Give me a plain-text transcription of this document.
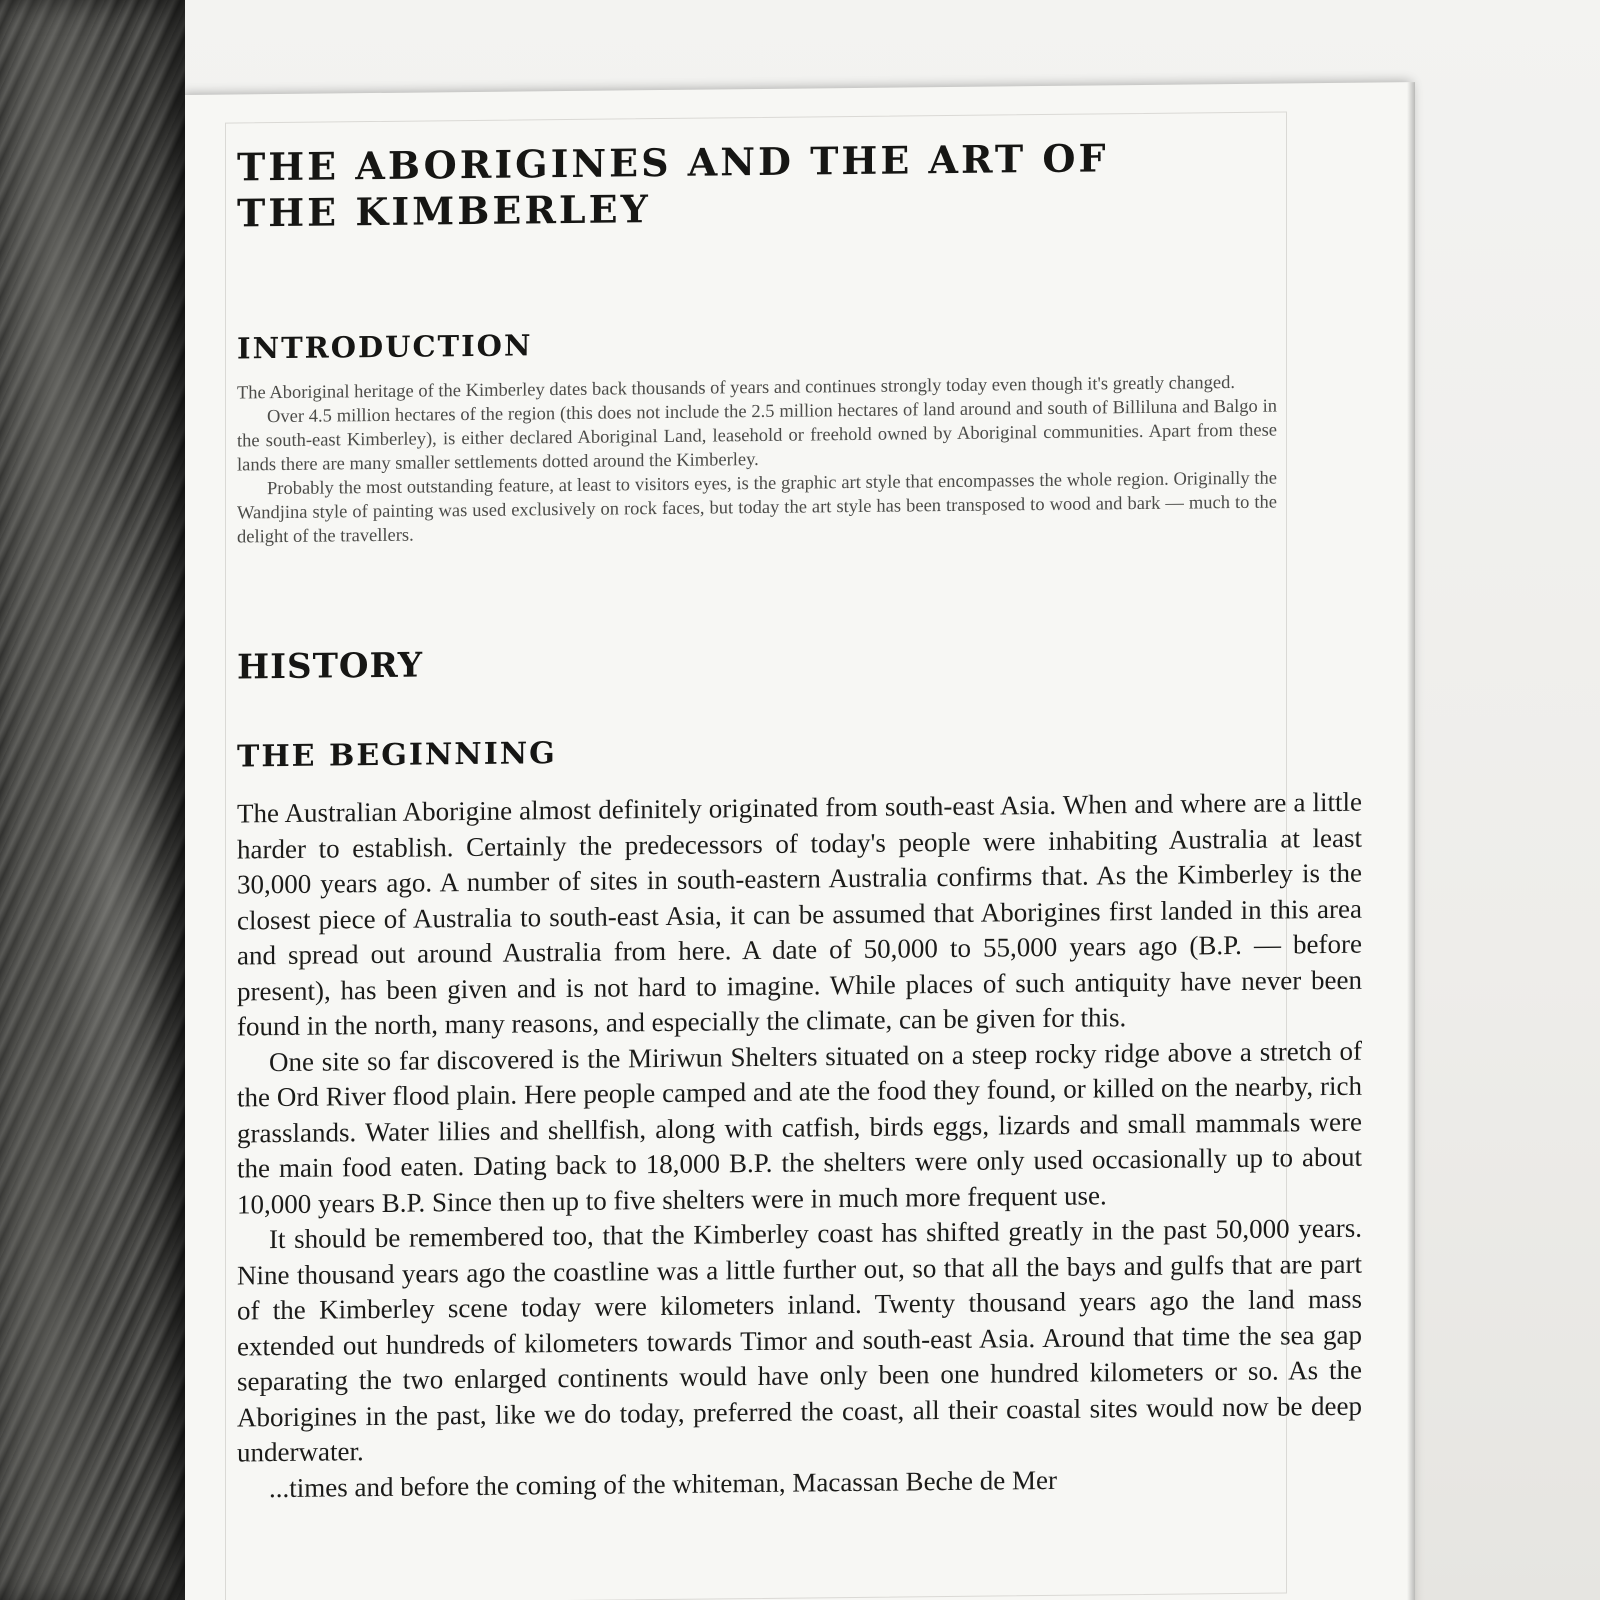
THE ABORIGINES AND THE ART OF THE KIMBERLEY
INTRODUCTION

The Aboriginal heritage of the Kimberley dates back thousands of years and continues strongly today even though it's greatly changed.

Over 4.5 million hectares of the region (this does not include the 2.5 million hectares of land around and south of Billiluna and Balgo in the south-east Kimberley), is either declared Aboriginal Land, leasehold or freehold owned by Aboriginal communities. Apart from these lands there are many smaller settlements dotted around the Kimberley.

Probably the most outstanding feature, at least to visitors eyes, is the graphic art style that encompasses the whole region. Originally the Wandjina style of painting was used exclusively on rock faces, but today the art style has been transposed to wood and bark — much to the delight of the travellers.

HISTORY
THE BEGINNING

The Australian Aborigine almost definitely originated from south-east Asia. When and where are a little harder to establish. Certainly the predecessors of today's people were inhabiting Australia at least 30,000 years ago. A number of sites in south-eastern Australia confirms that. As the Kimberley is the closest piece of Australia to south-east Asia, it can be assumed that Aborigines first landed in this area and spread out around Australia from here. A date of 50,000 to 55,000 years ago (B.P. — before present), has been given and is not hard to imagine. While places of such antiquity have never been found in the north, many reasons, and especially the climate, can be given for this.

One site so far discovered is the Miriwun Shelters situated on a steep rocky ridge above a stretch of the Ord River flood plain. Here people camped and ate the food they found, or killed on the nearby, rich grasslands. Water lilies and shellfish, along with catfish, birds eggs, lizards and small mammals were the main food eaten. Dating back to 18,000 B.P. the shelters were only used occasionally up to about 10,000 years B.P. Since then up to five shelters were in much more frequent use.

It should be remembered too, that the Kimberley coast has shifted greatly in the past 50,000 years. Nine thousand years ago the coastline was a little further out, so that all the bays and gulfs that are part of the Kimberley scene today were kilometers inland. Twenty thousand years ago the land mass extended out hundreds of kilometers towards Timor and south-east Asia. Around that time the sea gap separating the two enlarged continents would have only been one hundred kilometers or so. As the Aborigines in the past, like we do today, preferred the coast, all their coastal sites would now be deep underwater.

...times and before the coming of the whiteman, Macassan Beche de Mer
